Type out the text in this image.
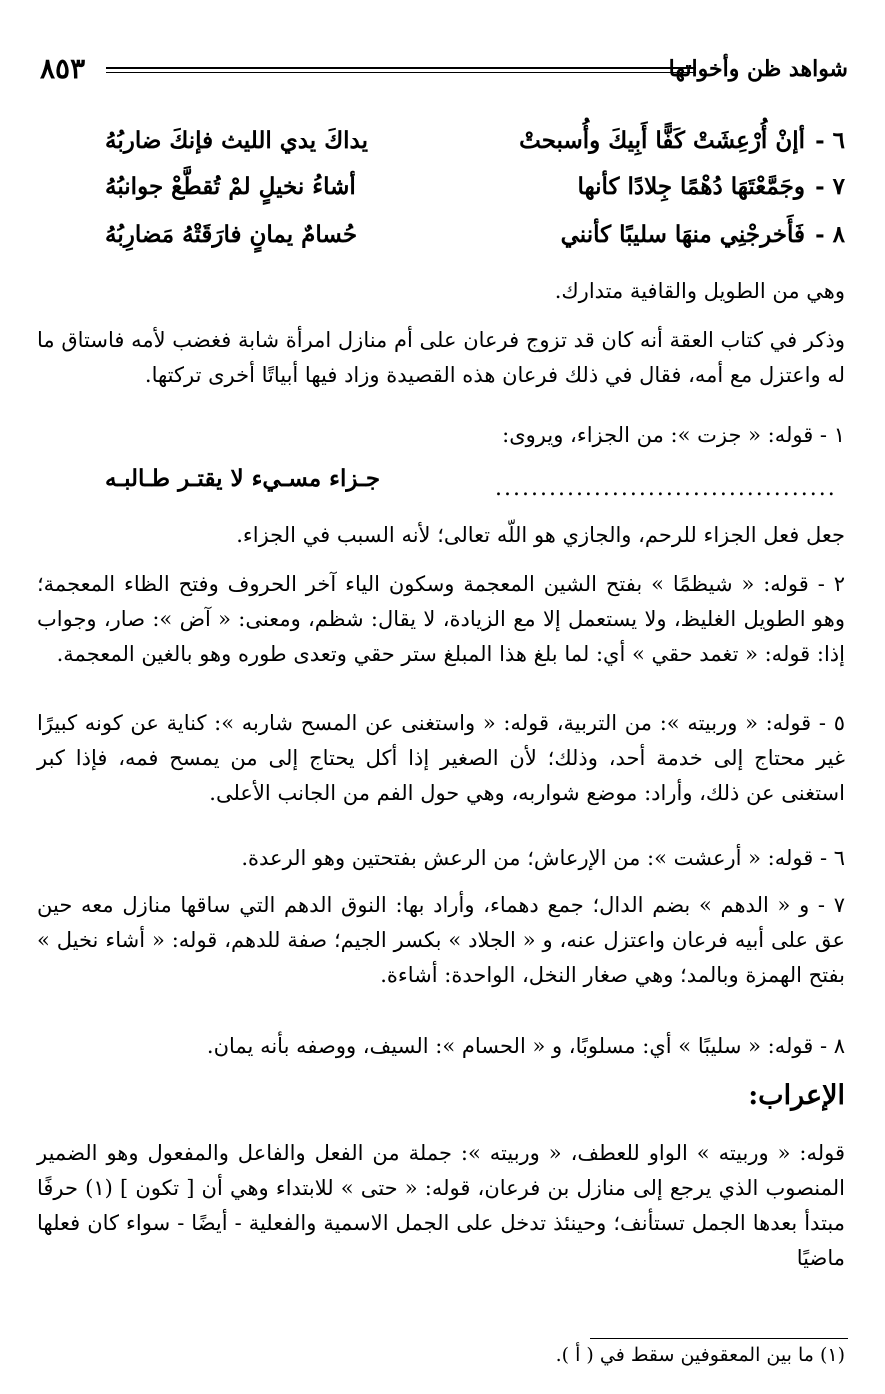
شواهد ظن وأخواتها
٨٥٣
٦ -
أإنْ أُرْعِشَتْ كَفًّا أَبِيكَ وأُسبحتْ
يداكَ يدي الليث فإنكَ ضاربُهُ
٧ -
وجَمَّعْتَهَا دُهْمًا جِلادًا كأنها
أشاءُ نخيلٍ لمْ تُقطَّعْ جوانبُهُ
٨ -
فَأَخرجْنِي منهَا سليبًا كأنني
حُسامٌ يمانٍ فارَقَتْهُ مَضارِبُهُ
وهي من الطويل والقافية متدارك.
وذكر في كتاب العقة أنه كان قد تزوج فرعان على أم منازل امرأة شابة فغضب لأمه فاستاق ما له واعتزل مع أمه، فقال في ذلك فرعان هذه القصيدة وزاد فيها أبياتًا أخرى تركتها.
١ - قوله: « جزت »: من الجزاء، ويروى:
جـزاء مسـيء لا يقتـر طـالبـه	......................................
جعل فعل الجزاء للرحم، والجازي هو اللّه تعالى؛ لأنه السبب في الجزاء.
٢ - قوله: « شيظمًا » بفتح الشين المعجمة وسكون الياء آخر الحروف وفتح الظاء المعجمة؛ وهو الطويل الغليظ، ولا يستعمل إلا مع الزيادة، لا يقال: شظم، ومعنى: « آض »: صار، وجواب إذا: قوله: « تغمد حقي » أي: لما بلغ هذا المبلغ ستر حقي وتعدى طوره وهو بالغين المعجمة.
٥ - قوله: « وربيته »: من التربية، قوله: « واستغنى عن المسح شاربه »: كناية عن كونه كبيرًا غير محتاج إلى خدمة أحد، وذلك؛ لأن الصغير إذا أكل يحتاج إلى من يمسح فمه، فإذا كبر استغنى عن ذلك، وأراد: موضع شواربه، وهي حول الفم من الجانب الأعلى.
٦ - قوله: « أرعشت »: من الإرعاش؛ من الرعش بفتحتين وهو الرعدة.
٧ - و « الدهم » بضم الدال؛ جمع دهماء، وأراد بها: النوق الدهم التي ساقها منازل معه حين عق على أبيه فرعان واعتزل عنه، و « الجلاد » بكسر الجيم؛ صفة للدهم، قوله: « أشاء نخيل » بفتح الهمزة وبالمد؛ وهي صغار النخل، الواحدة: أشاءة.
٨ - قوله: « سليبًا » أي: مسلوبًا، و « الحسام »: السيف، ووصفه بأنه يمان.
الإعراب:
قوله: « وربيته » الواو للعطف، « وربيته »: جملة من الفعل والفاعل والمفعول وهو الضمير المنصوب الذي يرجع إلى منازل بن فرعان، قوله: « حتى » للابتداء وهي أن [ تكون ] (١) حرفًا مبتدأ بعدها الجمل تستأنف؛ وحينئذ تدخل على الجمل الاسمية والفعلية - أيضًا - سواء كان فعلها ماضيًا
(١) ما بين المعقوفين سقط في ( أ ).
